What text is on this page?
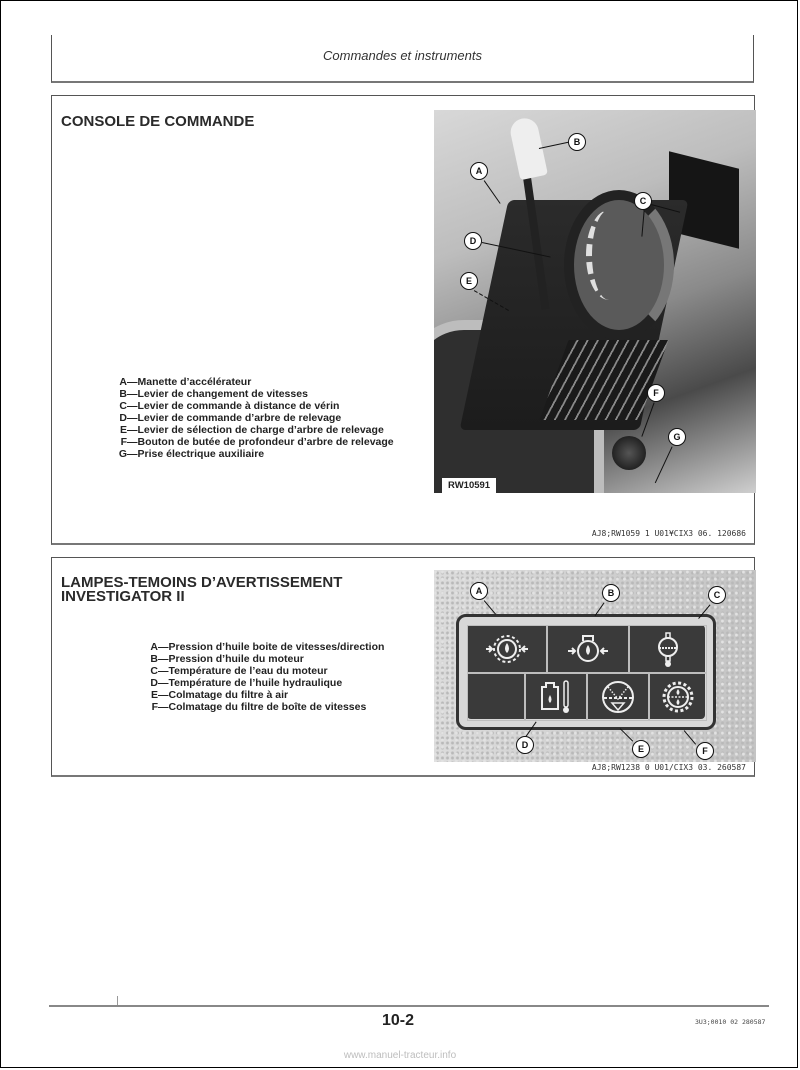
Commandes et instruments
CONSOLE DE COMMANDE
A—Manette d’accélérateur
B—Levier de changement de vitesses
C—Levier de commande à distance de vérin
D—Levier de commande d’arbre de relevage
E—Levier de sélection de charge d’arbre de relevage
F—Bouton de butée de profondeur d’arbre de relevage
G—Prise électrique auxiliaire
B
A
C
D
E
F
G
RW10591
AJ8;RW1059 1 U01¥CIX3 06. 120686
LAMPES-TEMOINS D’AVERTISSEMENT
INVESTIGATOR II
A—Pression d’huile boite de vitesses/direction
B—Pression d’huile du moteur
C—Température de l’eau du moteur
D—Température de l’huile hydraulique
E—Colmatage du filtre à air
F—Colmatage du filtre de boîte de vitesses
A	B	C
D	E	F
AJ8;RW1238 0 U01/CIX3 03. 260587
10-2	3U3;0010 02 280587
www.manuel-tracteur.info
